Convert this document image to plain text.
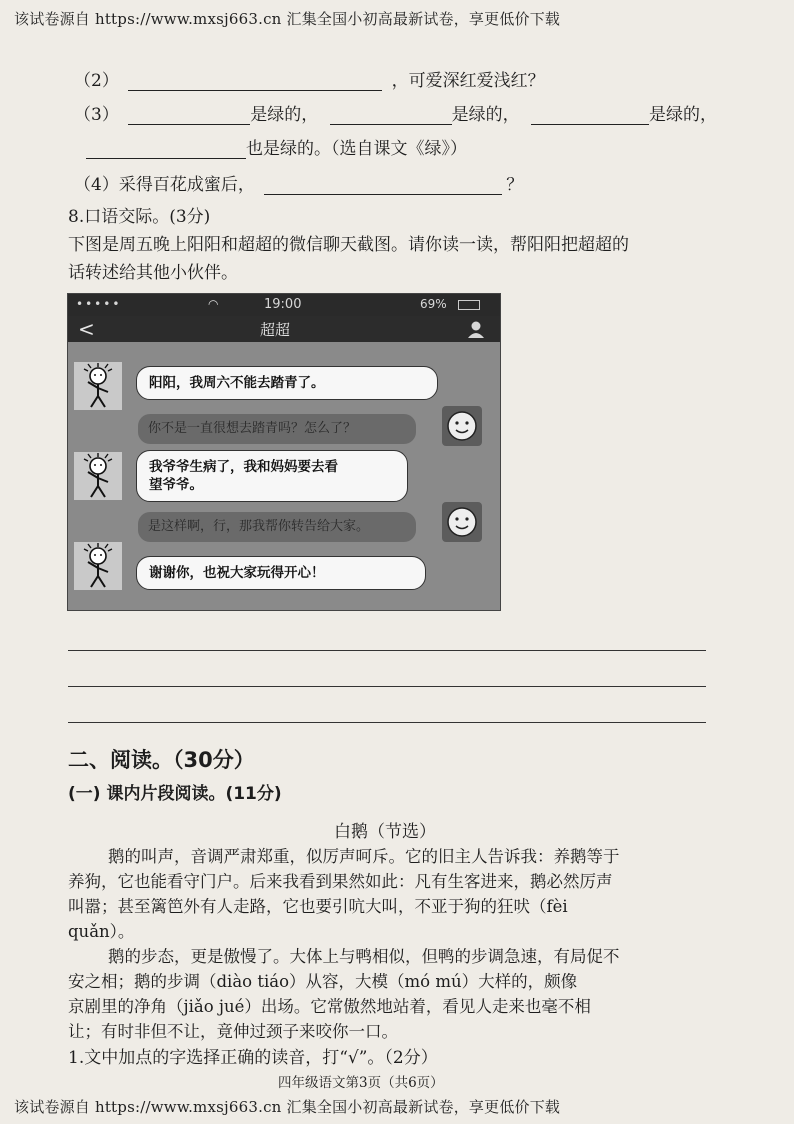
该试卷源自 https://www.mxsj663.cn 汇集全国小初高最新试卷，享更低价下载
（2）	，可爱深红爱浅红？
（3）	是绿的，	是绿的，	是绿的，
也是绿的。（选自课文《绿》）
（4）采得百花成蜜后，	？
8.口语交际。(3分)
下图是周五晚上阳阳和超超的微信聊天截图。请你读一读，帮阳阳把超超的
话转述给其他小伙伴。
•••••	◠	19:00	69%
<	超超
阳阳，我周六不能去踏青了。
你不是一直很想去踏青吗？怎么了？
我爷爷生病了，我和妈妈要去看
望爷爷。
是这样啊，行，那我帮你转告给大家。
谢谢你，也祝大家玩得开心！
二、阅读。（30分）
(一) 课内片段阅读。(11分)
白鹅（节选）
鹅的叫声，音调严肃郑重，似厉声呵斥。它的旧主人告诉我：养鹅等于
养狗，它也能看守门户。后来我看到果然如此：凡有生客进来，鹅必然厉声
叫嚣；甚至篱笆外有人走路，它也要引吭大叫，不亚于狗的狂吠（fèi
quǎn）。
鹅的步态，更是傲慢了。大体上与鸭相似，但鸭的步调急速，有局促不
安之相；鹅的步调（diào tiáo）从容，大模（mó mú）大样的，颇像
京剧里的净角（jiǎo jué）出场。它常傲然地站着，看见人走来也毫不相
让；有时非但不让，竟伸过颈子来咬你一口。
1.文中加点的字选择正确的读音，打“√”。（2分）
四年级语文第3页（共6页）
该试卷源自 https://www.mxsj663.cn 汇集全国小初高最新试卷，享更低价下载
